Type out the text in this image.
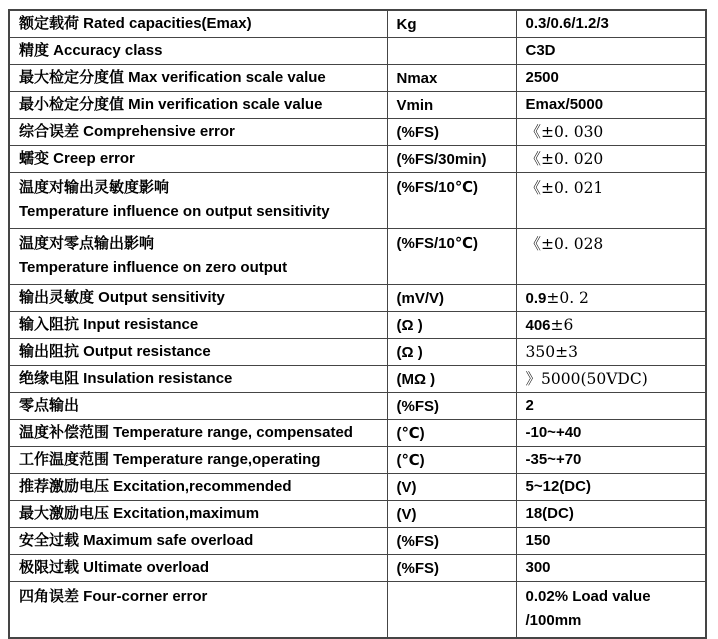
额定载荷 Rated capacities(Emax)	Kg	0.3/0.6/1.2/3

精度 Accuracy class		C3D

最大检定分度值 Max verification scale value	Nmax	2500

最小检定分度值 Min verification scale value	Vmin	Emax/5000

综合误差 Comprehensive error	(%FS)	《±0. 030

蠕变 Creep error	(%FS/30min)	《±0. 020

温度对输出灵敏度影响
Temperature influence on output sensitivity	(%FS/10℃)	《±0. 021

温度对零点输出影响
Temperature influence on zero output	(%FS/10℃)	《±0. 028

输出灵敏度 Output sensitivity	(mV/V)	0.9±0. 2

输入阻抗 Input resistance	(Ω )	406±6

输出阻抗 Output resistance	(Ω )	350±3

绝缘电阻 Insulation resistance	(MΩ )	》5000(50VDC)

零点输出	(%FS)	2

温度补偿范围 Temperature range, compensated	(℃)	-10~+40

工作温度范围 Temperature range,operating	(℃)	-35~+70

推荐激励电压 Excitation,recommended	(V)	5~12(DC)

最大激励电压 Excitation,maximum	(V)	18(DC)

安全过载 Maximum safe overload	(%FS)	150

极限过载 Ultimate overload	(%FS)	300

四角误差 Four-corner error		0.02% Load value
/100mm
